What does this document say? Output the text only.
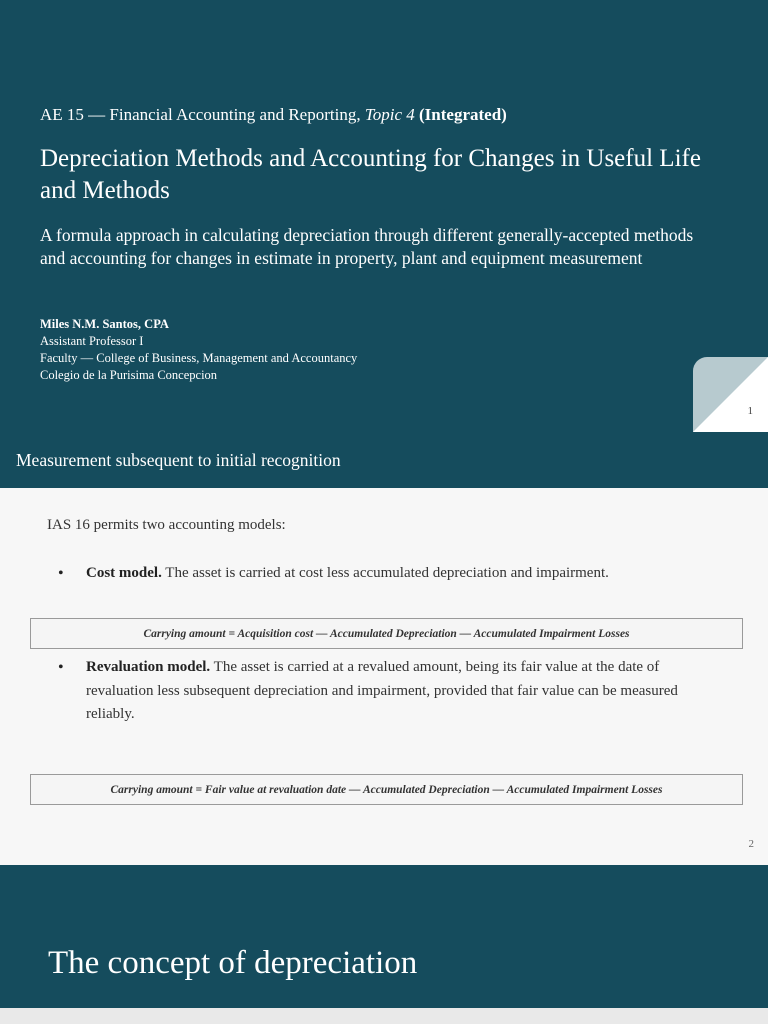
AE 15 — Financial Accounting and Reporting, Topic 4 (Integrated)
Depreciation Methods and Accounting for Changes in Useful Life and Methods
A formula approach in calculating depreciation through different generally-accepted methods and accounting for changes in estimate in property, plant and equipment measurement
Miles N.M. Santos, CPA
Assistant Professor I
Faculty — College of Business, Management and Accountancy
Colegio de la Purisima Concepcion
1
Measurement subsequent to initial recognition
IAS 16 permits two accounting models:
• Cost model. The asset is carried at cost less accumulated depreciation and impairment.
Carrying amount = Acquisition cost — Accumulated Depreciation — Accumulated Impairment Losses
• Revaluation model. The asset is carried at a revalued amount, being its fair value at the date of revaluation less subsequent depreciation and impairment, provided that fair value can be measured reliably.
Carrying amount = Fair value at revaluation date — Accumulated Depreciation — Accumulated Impairment Losses
2
The concept of depreciation
